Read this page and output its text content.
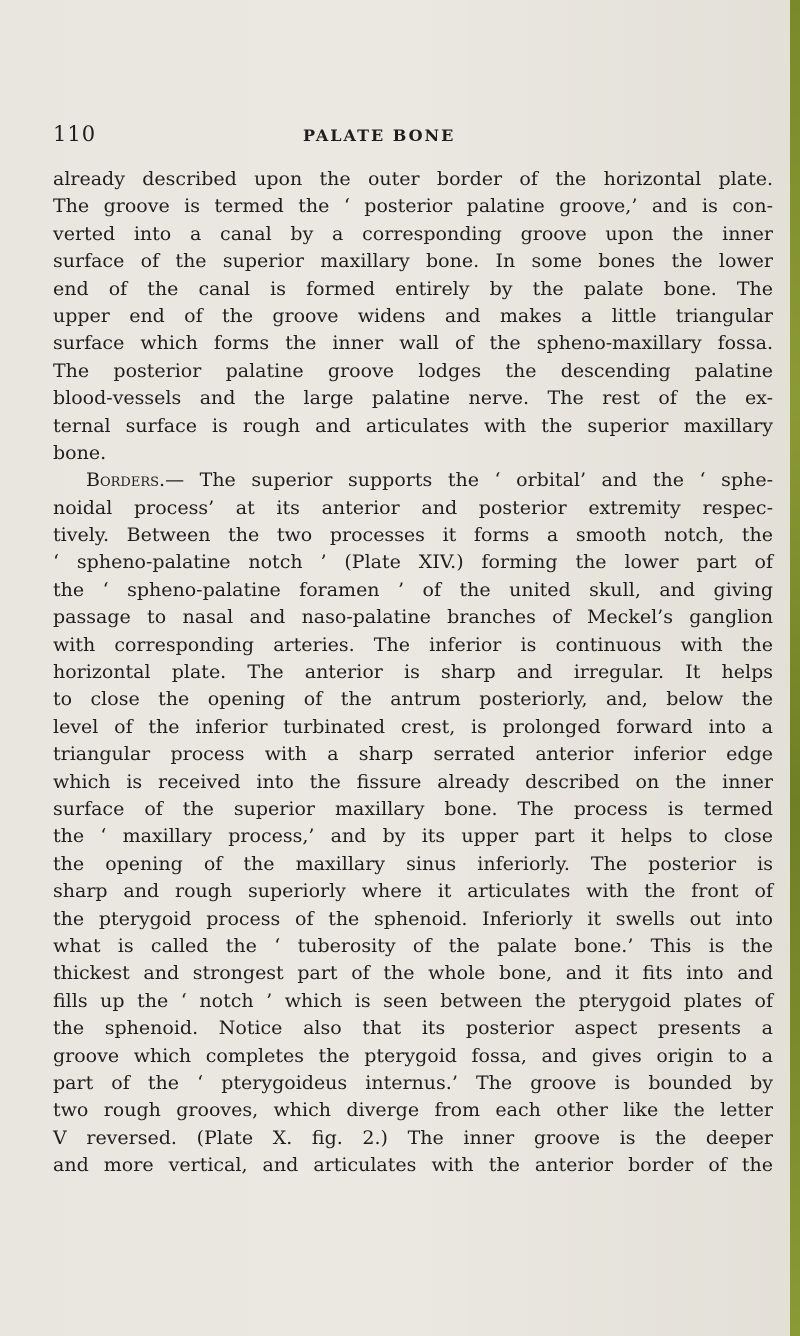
110	PALATE BONE
already described upon the outer border of the horizontal plate.
The groove is termed the ‘ posterior palatine groove,’ and is con-
verted into a canal by a corresponding groove upon the inner
surface of the superior maxillary bone. In some bones the lower
end of the canal is formed entirely by the palate bone. The
upper end of the groove widens and makes a little triangular
surface which forms the inner wall of the spheno-maxillary fossa.
The posterior palatine groove lodges the descending palatine
blood-vessels and the large palatine nerve. The rest of the ex-
ternal surface is rough and articulates with the superior maxillary
bone.
Borders.— The superior supports the ‘ orbital’ and the ‘ sphe-
noidal process’ at its anterior and posterior extremity respec-
tively. Between the two processes it forms a smooth notch, the
‘ spheno-palatine notch ’ (Plate XIV.) forming the lower part of
the ‘ spheno-palatine foramen ’ of the united skull, and giving
passage to nasal and naso-palatine branches of Meckel’s ganglion
with corresponding arteries. The inferior is continuous with the
horizontal plate. The anterior is sharp and irregular. It helps
to close the opening of the antrum posteriorly, and, below the
level of the inferior turbinated crest, is prolonged forward into a
triangular process with a sharp serrated anterior inferior edge
which is received into the fissure already described on the inner
surface of the superior maxillary bone. The process is termed
the ‘ maxillary process,’ and by its upper part it helps to close
the opening of the maxillary sinus inferiorly. The posterior is
sharp and rough superiorly where it articulates with the front of
the pterygoid process of the sphenoid. Inferiorly it swells out into
what is called the ‘ tuberosity of the palate bone.’ This is the
thickest and strongest part of the whole bone, and it fits into and
fills up the ‘ notch ’ which is seen between the pterygoid plates of
the sphenoid. Notice also that its posterior aspect presents a
groove which completes the pterygoid fossa, and gives origin to a
part of the ‘ pterygoideus internus.’ The groove is bounded by
two rough grooves, which diverge from each other like the letter
V reversed. (Plate X. fig. 2.) The inner groove is the deeper
and more vertical, and articulates with the anterior border of the
